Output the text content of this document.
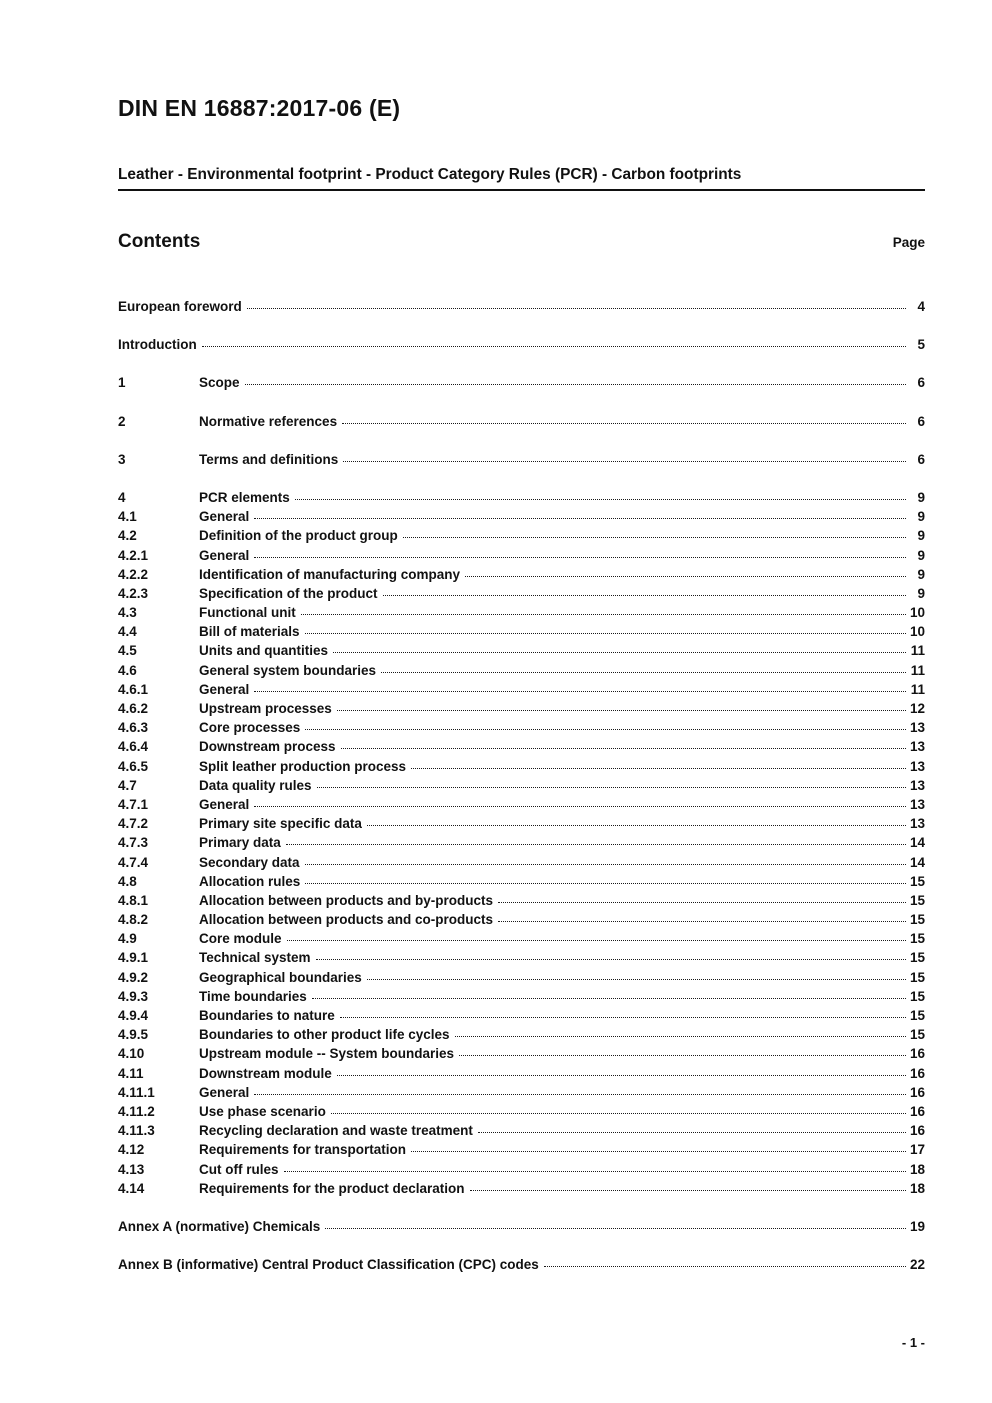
DIN EN 16887:2017-06 (E)
Leather - Environmental footprint - Product Category Rules (PCR) - Carbon footprints
Contents	Page
European foreword	4
Introduction	5
1	Scope	6
2	Normative references	6
3	Terms and definitions	6
4	PCR elements	9
4.1	General	9
4.2	Definition of the product group	9
4.2.1	General	9
4.2.2	Identification of manufacturing company	9
4.2.3	Specification of the product	9
4.3	Functional unit	10
4.4	Bill of materials	10
4.5	Units and quantities	11
4.6	General system boundaries	11
4.6.1	General	11
4.6.2	Upstream processes	12
4.6.3	Core processes	13
4.6.4	Downstream process	13
4.6.5	Split leather production process	13
4.7	Data quality rules	13
4.7.1	General	13
4.7.2	Primary site specific data	13
4.7.3	Primary data	14
4.7.4	Secondary data	14
4.8	Allocation rules	15
4.8.1	Allocation between products and by-products	15
4.8.2	Allocation between products and co-products	15
4.9	Core module	15
4.9.1	Technical system	15
4.9.2	Geographical boundaries	15
4.9.3	Time boundaries	15
4.9.4	Boundaries to nature	15
4.9.5	Boundaries to other product life cycles	15
4.10	Upstream module -- System boundaries	16
4.11	Downstream module	16
4.11.1	General	16
4.11.2	Use phase scenario	16
4.11.3	Recycling declaration and waste treatment	16
4.12	Requirements for transportation	17
4.13	Cut off rules	18
4.14	Requirements for the product declaration	18
Annex A (normative) Chemicals	19
Annex B (informative) Central Product Classification (CPC) codes	22
- 1 -
